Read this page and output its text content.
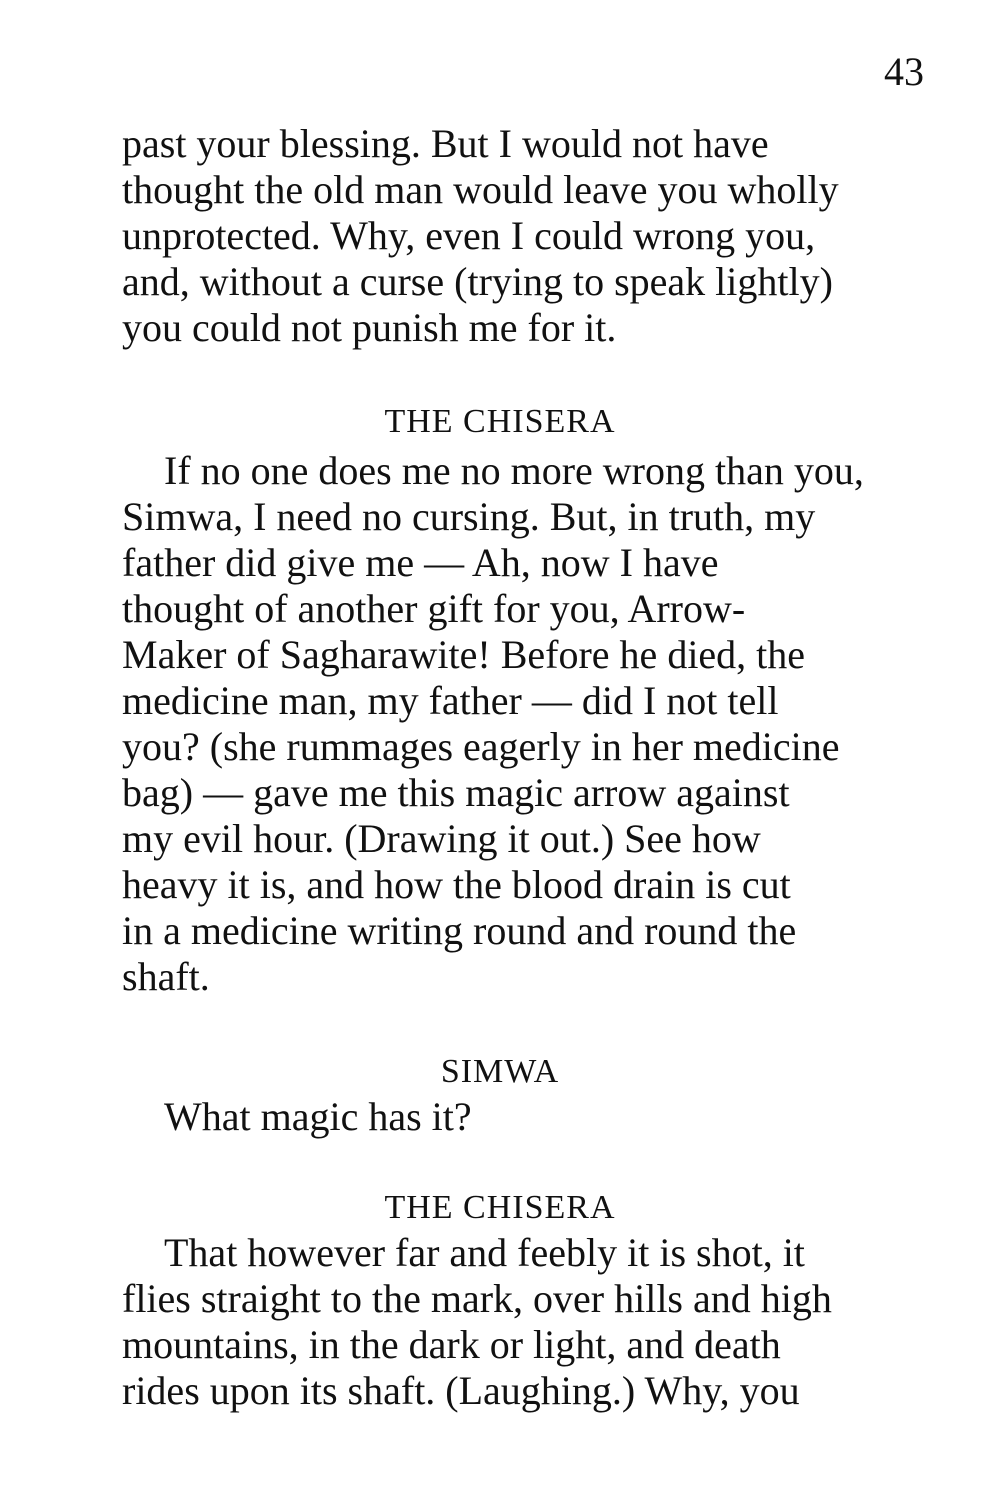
43
past your blessing. But I would not have
thought the old man would leave you wholly
unprotected. Why, even I could wrong you,
and, without a curse (trying to speak lightly)
you could not punish me for it.
THE CHISERA
If no one does me no more wrong than you,
Simwa, I need no cursing. But, in truth, my
father did give me — Ah, now I have
thought of another gift for you, Arrow-
Maker of Sagharawite! Before he died, the
medicine man, my father — did I not tell
you? (she rummages eagerly in her medicine
bag) — gave me this magic arrow against
my evil hour. (Drawing it out.) See how
heavy it is, and how the blood drain is cut
in a medicine writing round and round the
shaft.
SIMWA
What magic has it?
THE CHISERA
That however far and feebly it is shot, it
flies straight to the mark, over hills and high
mountains, in the dark or light, and death
rides upon its shaft. (Laughing.) Why, you
